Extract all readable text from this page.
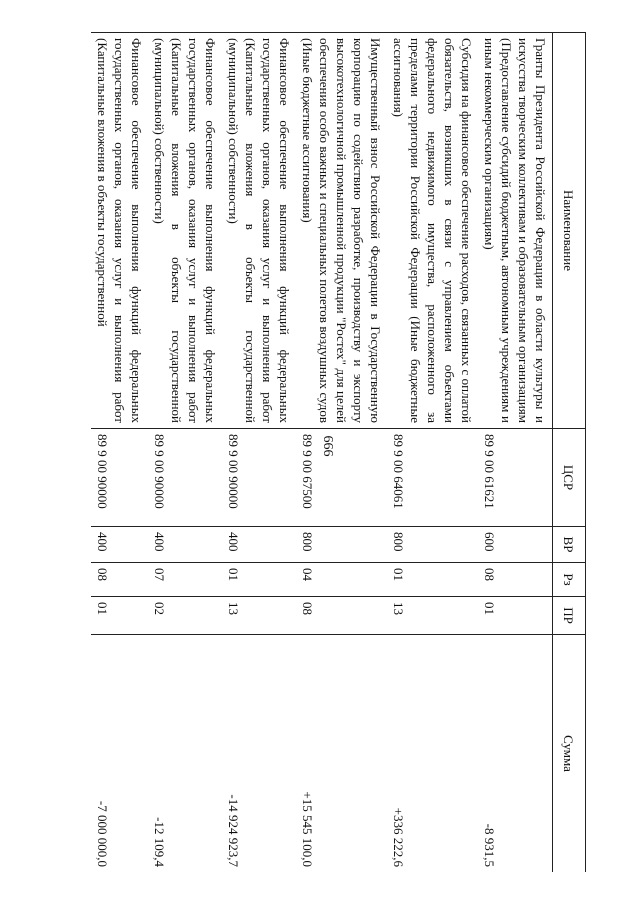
666
Наименование	ЦСР	ВР	Рз	ПР	Сумма
Гранты Президента Российской Федерации в области культуры и искусства творческим коллективам и образовательным организациям (Предоставление субсидий бюджетным, автономным учреждениям и иным некоммерческим организациям)	89 9 00 61621	600	08	01	-8 931,5
Субсидия на финансовое обеспечение расходов, связанных с оплатой обязательств, возникших в связи с управлением объектами федерального недвижимого имущества, расположенного за пределами территории Российской Федерации (Иные бюджетные ассигнования)	89 9 00 64061	800	01	13	+336 222,6
Имущественный взнос Российской Федерации в Государственную корпорацию по содействию разработке, производству и экспорту высокотехнологичной промышленной продукции "Ростех" для целей обеспечения особо важных и специальных полетов воздушных судов (Иные бюджетные ассигнования)	89 9 00 67500	800	04	08	+15 545 100,0
Финансовое обеспечение выполнения функций федеральных государственных органов, оказания услуг и выполнения работ (Капитальные вложения в объекты государственной (муниципальной) собственности)	89 9 00 90000	400	01	13	-14 924 923,7
Финансовое обеспечение выполнения функций федеральных государственных органов, оказания услуг и выполнения работ (Капитальные вложения в объекты государственной (муниципальной) собственности)	89 9 00 90000	400	07	02	-12 109,4
Финансовое обеспечение выполнения функций федеральных государственных органов, оказания услуг и выполнения работ (Капитальные вложения в объекты государственной	89 9 00 90000	400	08	01	-7 000 000,0
